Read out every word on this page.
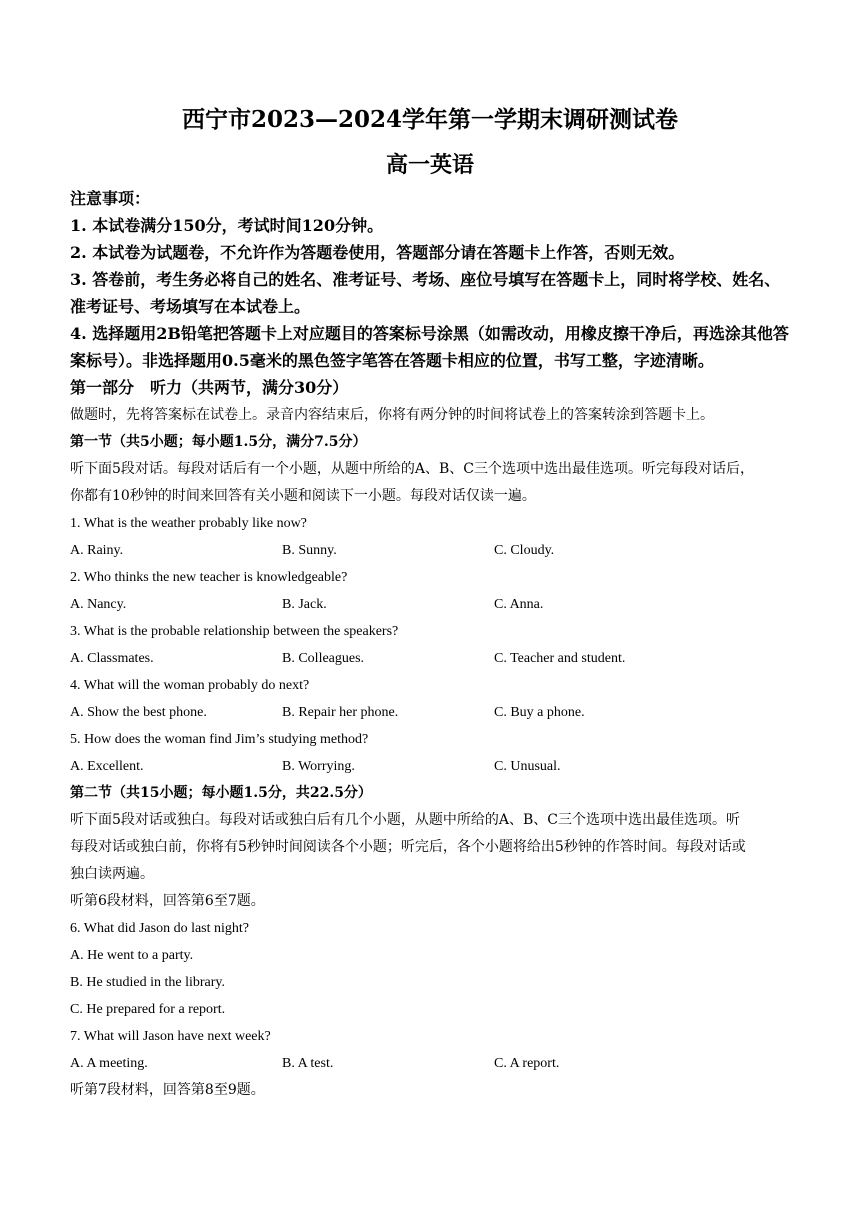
西宁市2023—2024学年第一学期末调研测试卷
高一英语
注意事项：
1. 本试卷满分150分，考试时间120分钟。
2. 本试卷为试题卷，不允许作为答题卷使用，答题部分请在答题卡上作答，否则无效。
3. 答卷前，考生务必将自己的姓名、准考证号、考场、座位号填写在答题卡上，同时将学校、姓名、准考证号、考场填写在本试卷上。
4. 选择题用2B铅笔把答题卡上对应题目的答案标号涂黑（如需改动，用橡皮擦干净后，再选涂其他答案标号）。非选择题用0.5毫米的黑色签字笔答在答题卡相应的位置，书写工整，字迹清晰。
第一部分　听力（共两节，满分30分）
做题时，先将答案标在试卷上。录音内容结束后，你将有两分钟的时间将试卷上的答案转涂到答题卡上。
第一节（共5小题；每小题1.5分，满分7.5分）
听下面5段对话。每段对话后有一个小题，从题中所给的A、B、C三个选项中选出最佳选项。听完每段对话后，
你都有10秒钟的时间来回答有关小题和阅读下一小题。每段对话仅读一遍。
1. What is the weather probably like now?
A. Rainy.	B. Sunny.	C. Cloudy.
2. Who thinks the new teacher is knowledgeable?
A. Nancy.	B. Jack.	C. Anna.
3. What is the probable relationship between the speakers?
A. Classmates.	B. Colleagues.	C. Teacher and student.
4. What will the woman probably do next?
A. Show the best phone.	B. Repair her phone.	C. Buy a phone.
5. How does the woman find Jim’s studying method?
A. Excellent.	B. Worrying.	C. Unusual.
第二节（共15小题；每小题1.5分，共22.5分）
听下面5段对话或独白。每段对话或独白后有几个小题，从题中所给的A、B、C三个选项中选出最佳选项。听
每段对话或独白前，你将有5秒钟时间阅读各个小题；听完后，各个小题将给出5秒钟的作答时间。每段对话或
独白读两遍。
听第6段材料，回答第6至7题。
6. What did Jason do last night?
A. He went to a party.
B. He studied in the library.
C. He prepared for a report.
7. What will Jason have next week?
A. A meeting.	B. A test.	C. A report.
听第7段材料，回答第8至9题。
